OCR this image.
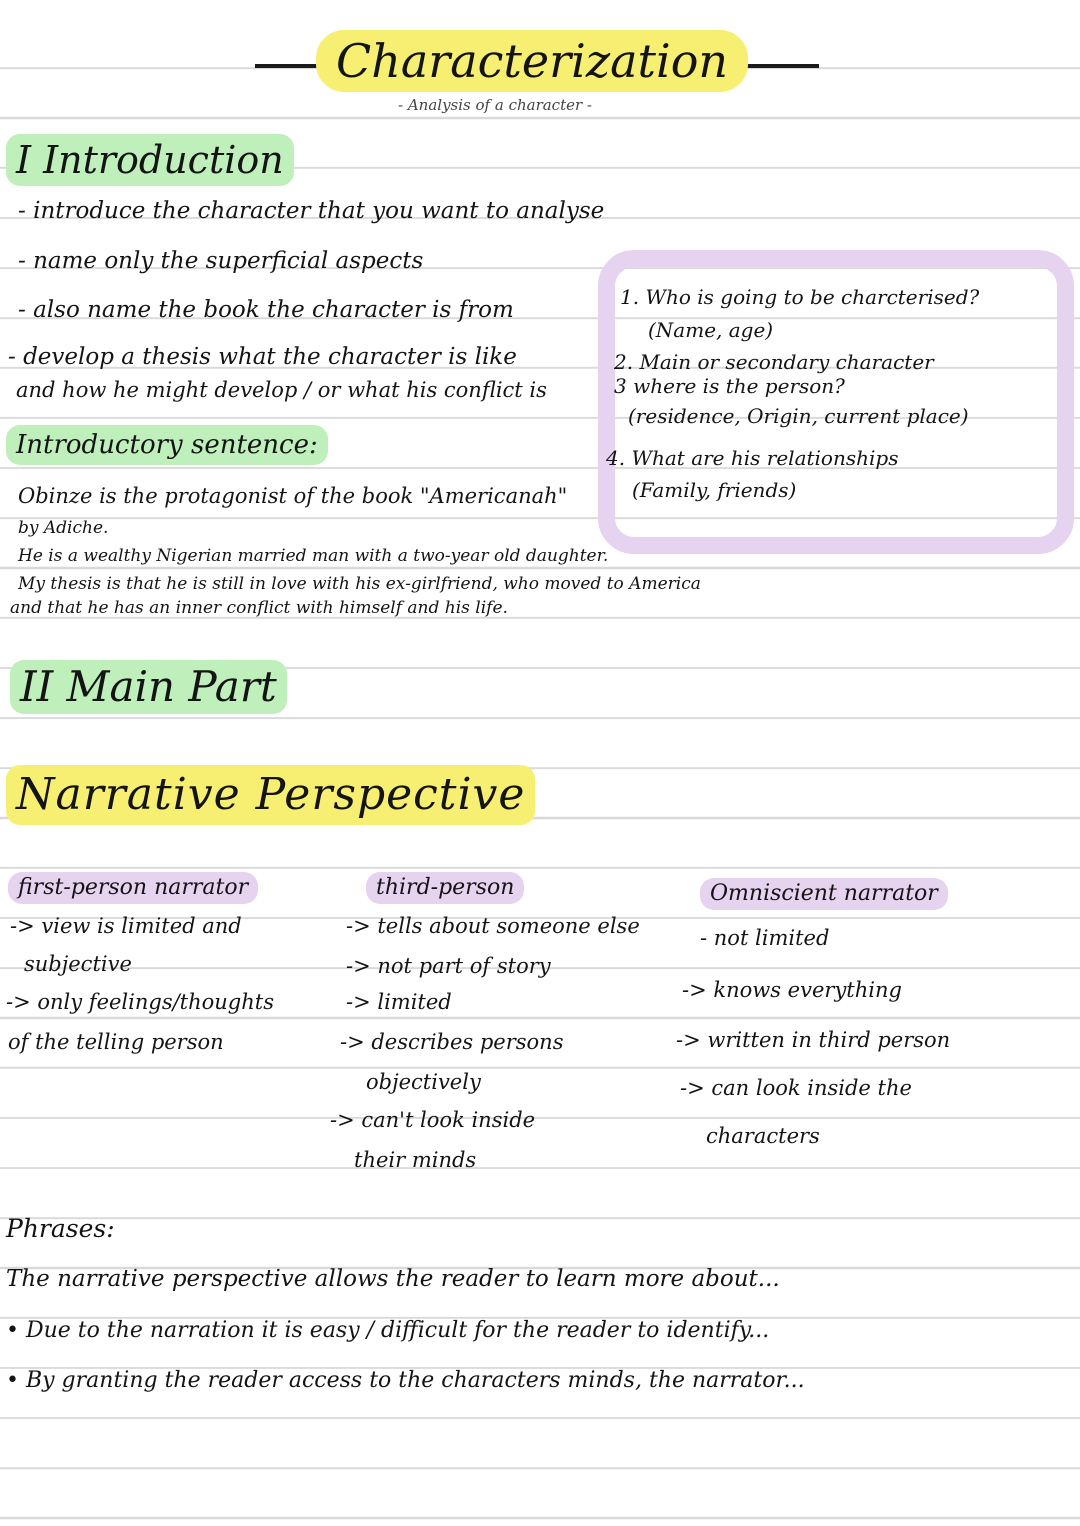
Characterization
- Analysis of a character -
I Introduction
- introduce the character that you want to analyse
- name only the superficial aspects
- also name the book the character is from
- develop a thesis what the character is like
and how he might develop / or what his conflict is
1. Who is going to be charcterised?
(Name, age)
2. Main or secondary character
3 where is the person?
(residence, Origin, current place)
4. What are his relationships
(Family, friends)
Introductory sentence:
Obinze is the protagonist of the book "Americanah"
by Adiche.
He is a wealthy Nigerian married man with a two-year old daughter.
My thesis is that he is still in love with his ex-girlfriend, who moved to America
and that he has an inner conflict with himself and his life.
II Main Part
Narrative Perspective
first-person narrator
-> view is limited and
subjective
-> only feelings/thoughts
of the telling person
third-person
-> tells about someone else
-> not part of story
-> limited
-> describes persons
objectively
-> can't look inside
their minds
Omniscient narrator
- not limited
-> knows everything
-> written in third person
-> can look inside the
characters
Phrases:
The narrative perspective allows the reader to learn more about...
• Due to the narration it is easy / difficult for the reader to identify...
• By granting the reader access to the characters minds, the narrator...
